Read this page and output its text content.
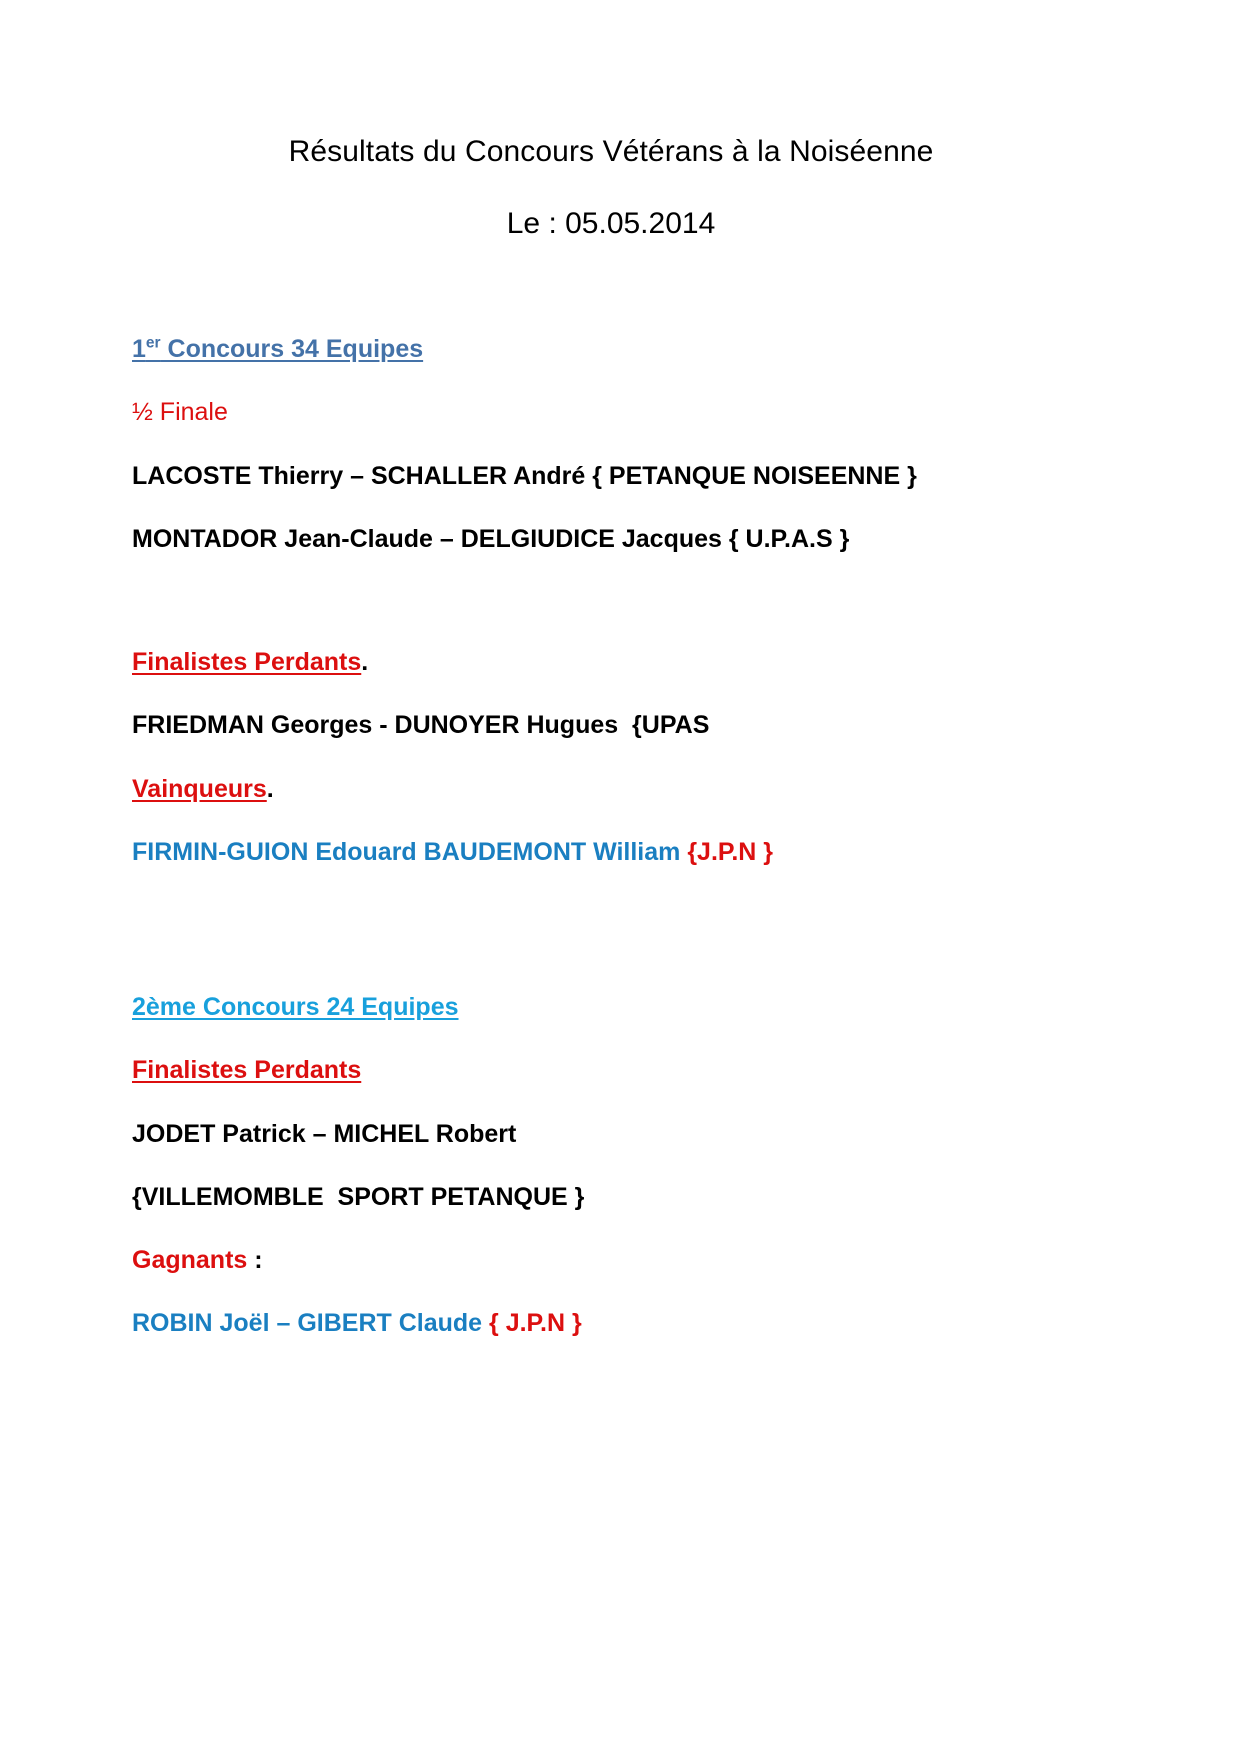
Résultats du Concours Vétérans à la Noiséenne
Le : 05.05.2014
1er Concours 34 Equipes
½ Finale
LACOSTE Thierry – SCHALLER André { PETANQUE NOISEENNE }
MONTADOR Jean-Claude – DELGIUDICE Jacques { U.P.A.S }
Finalistes Perdants.
FRIEDMAN Georges - DUNOYER Hugues  {UPAS
Vainqueurs.
FIRMIN-GUION Edouard BAUDEMONT William {J.P.N }
2ème Concours 24 Equipes
Finalistes Perdants
JODET Patrick – MICHEL Robert
{VILLEMOMBLE  SPORT PETANQUE }
Gagnants :
ROBIN Joël – GIBERT Claude { J.P.N }
